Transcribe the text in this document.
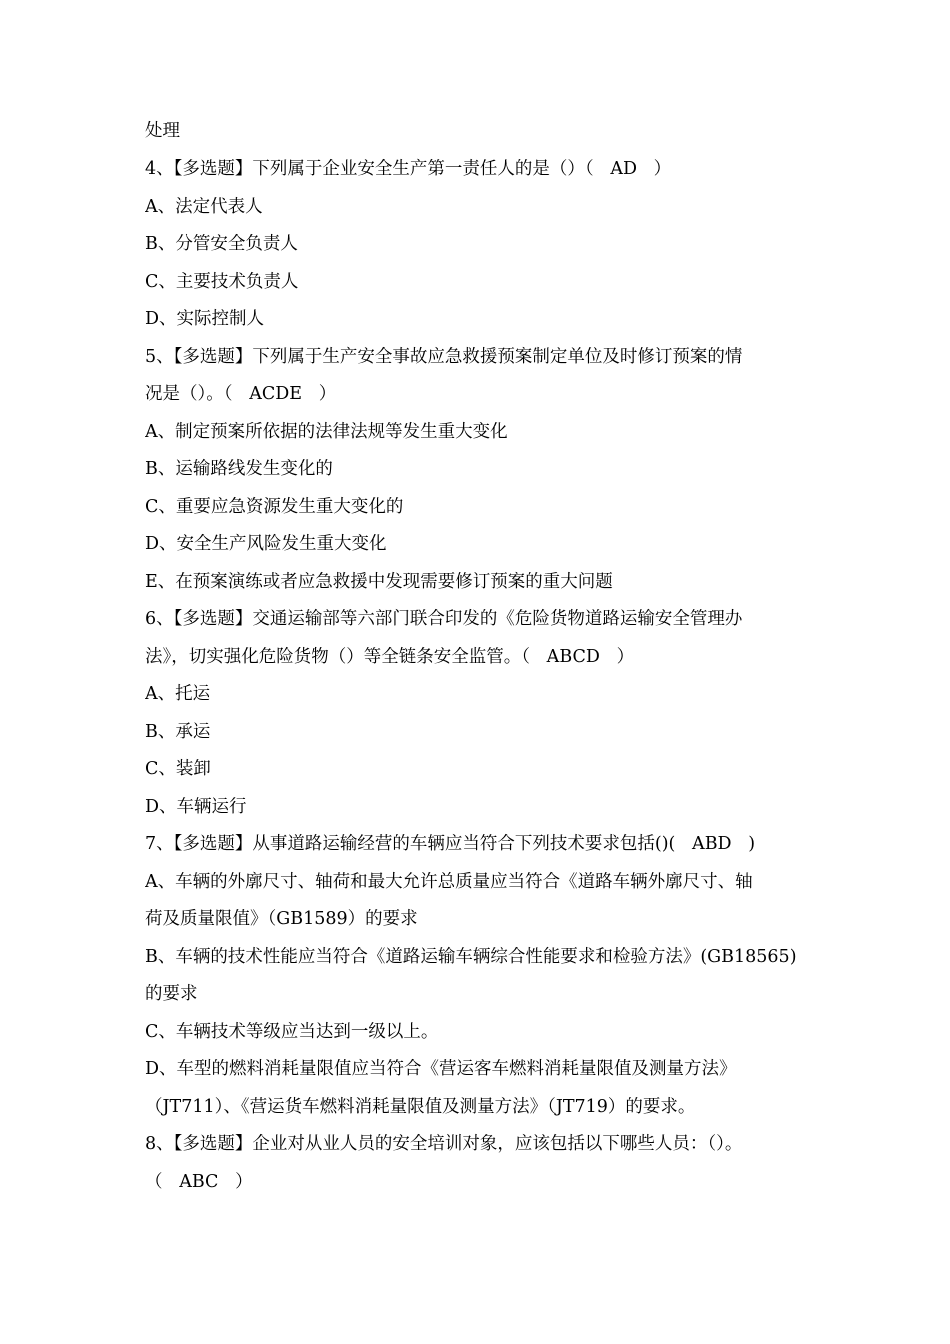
处理
4、【多选题】下列属于企业安全生产第一责任人的是（）（   AD   ）
A、法定代表人
B、分管安全负责人
C、主要技术负责人
D、实际控制人
5、【多选题】下列属于生产安全事故应急救援预案制定单位及时修订预案的情
况是（）。（   ACDE   ）
A、制定预案所依据的法律法规等发生重大变化
B、运输路线发生变化的
C、重要应急资源发生重大变化的
D、安全生产风险发生重大变化
E、在预案演练或者应急救援中发现需要修订预案的重大问题
6、【多选题】交通运输部等六部门联合印发的《危险货物道路运输安全管理办
法》，切实强化危险货物（）等全链条安全监管。（   ABCD   ）
A、托运
B、承运
C、装卸
D、车辆运行
7、【多选题】从事道路运输经营的车辆应当符合下列技术要求包括()(   ABD   )
A、车辆的外廓尺寸、轴荷和最大允许总质量应当符合《道路车辆外廓尺寸、轴
荷及质量限值》（GB1589）的要求
B、车辆的技术性能应当符合《道路运输车辆综合性能要求和检验方法》(GB18565)
的要求
C、车辆技术等级应当达到一级以上。
D、车型的燃料消耗量限值应当符合《营运客车燃料消耗量限值及测量方法》
（JT711）、《营运货车燃料消耗量限值及测量方法》（JT719）的要求。
8、【多选题】企业对从业人员的安全培训对象，应该包括以下哪些人员：（）。
（   ABC   ）
